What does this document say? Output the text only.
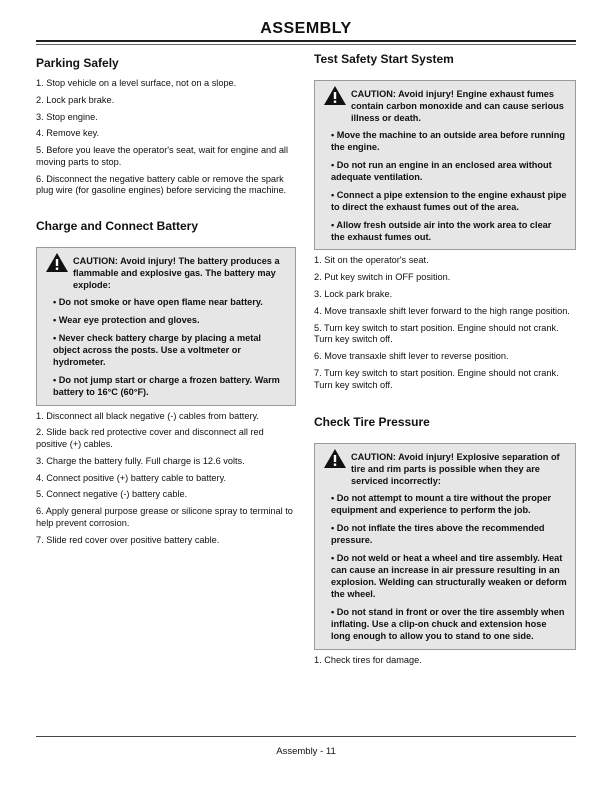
ASSEMBLY
Parking Safely
1. Stop vehicle on a level surface, not on a slope.
2. Lock park brake.
3. Stop engine.
4. Remove key.
5. Before you leave the operator's seat, wait for engine and all moving parts to stop.
6. Disconnect the negative battery cable or remove the spark plug wire (for gasoline engines) before servicing the machine.
Charge and Connect Battery
CAUTION: Avoid injury! The battery produces a flammable and explosive gas. The battery may explode:
• Do not smoke or have open flame near battery.
• Wear eye protection and gloves.
• Never check battery charge by placing a metal object across the posts. Use a voltmeter or hydrometer.
• Do not jump start or charge a frozen battery. Warm battery to 16°C (60°F).
1. Disconnect all black negative (-) cables from battery.
2. Slide back red protective cover and disconnect all red positive (+) cables.
3. Charge the battery fully. Full charge is 12.6 volts.
4. Connect positive (+) battery cable to battery.
5. Connect negative (-) battery cable.
6. Apply general purpose grease or silicone spray to terminal to help prevent corrosion.
7. Slide red cover over positive battery cable.
Test Safety Start System
CAUTION: Avoid injury! Engine exhaust fumes contain carbon monoxide and can cause serious illness or death.
• Move the machine to an outside area before running the engine.
• Do not run an engine in an enclosed area without adequate ventilation.
• Connect a pipe extension to the engine exhaust pipe to direct the exhaust fumes out of the area.
• Allow fresh outside air into the work area to clear the exhaust fumes out.
1. Sit on the operator's seat.
2. Put key switch in OFF position.
3. Lock park brake.
4. Move transaxle shift lever forward to the high range position.
5. Turn key switch to start position. Engine should not crank. Turn key switch off.
6. Move transaxle shift lever to reverse position.
7. Turn key switch to start position. Engine should not crank. Turn key switch off.
Check Tire Pressure
CAUTION: Avoid injury! Explosive separation of tire and rim parts is possible when they are serviced incorrectly:
• Do not attempt to mount a tire without the proper equipment and experience to perform the job.
• Do not inflate the tires above the recommended pressure.
• Do not weld or heat a wheel and tire assembly. Heat can cause an increase in air pressure resulting in an explosion. Welding can structurally weaken or deform the wheel.
• Do not stand in front or over the tire assembly when inflating. Use a clip-on chuck and extension hose long enough to allow you to stand to one side.
1. Check tires for damage.
Assembly - 11
